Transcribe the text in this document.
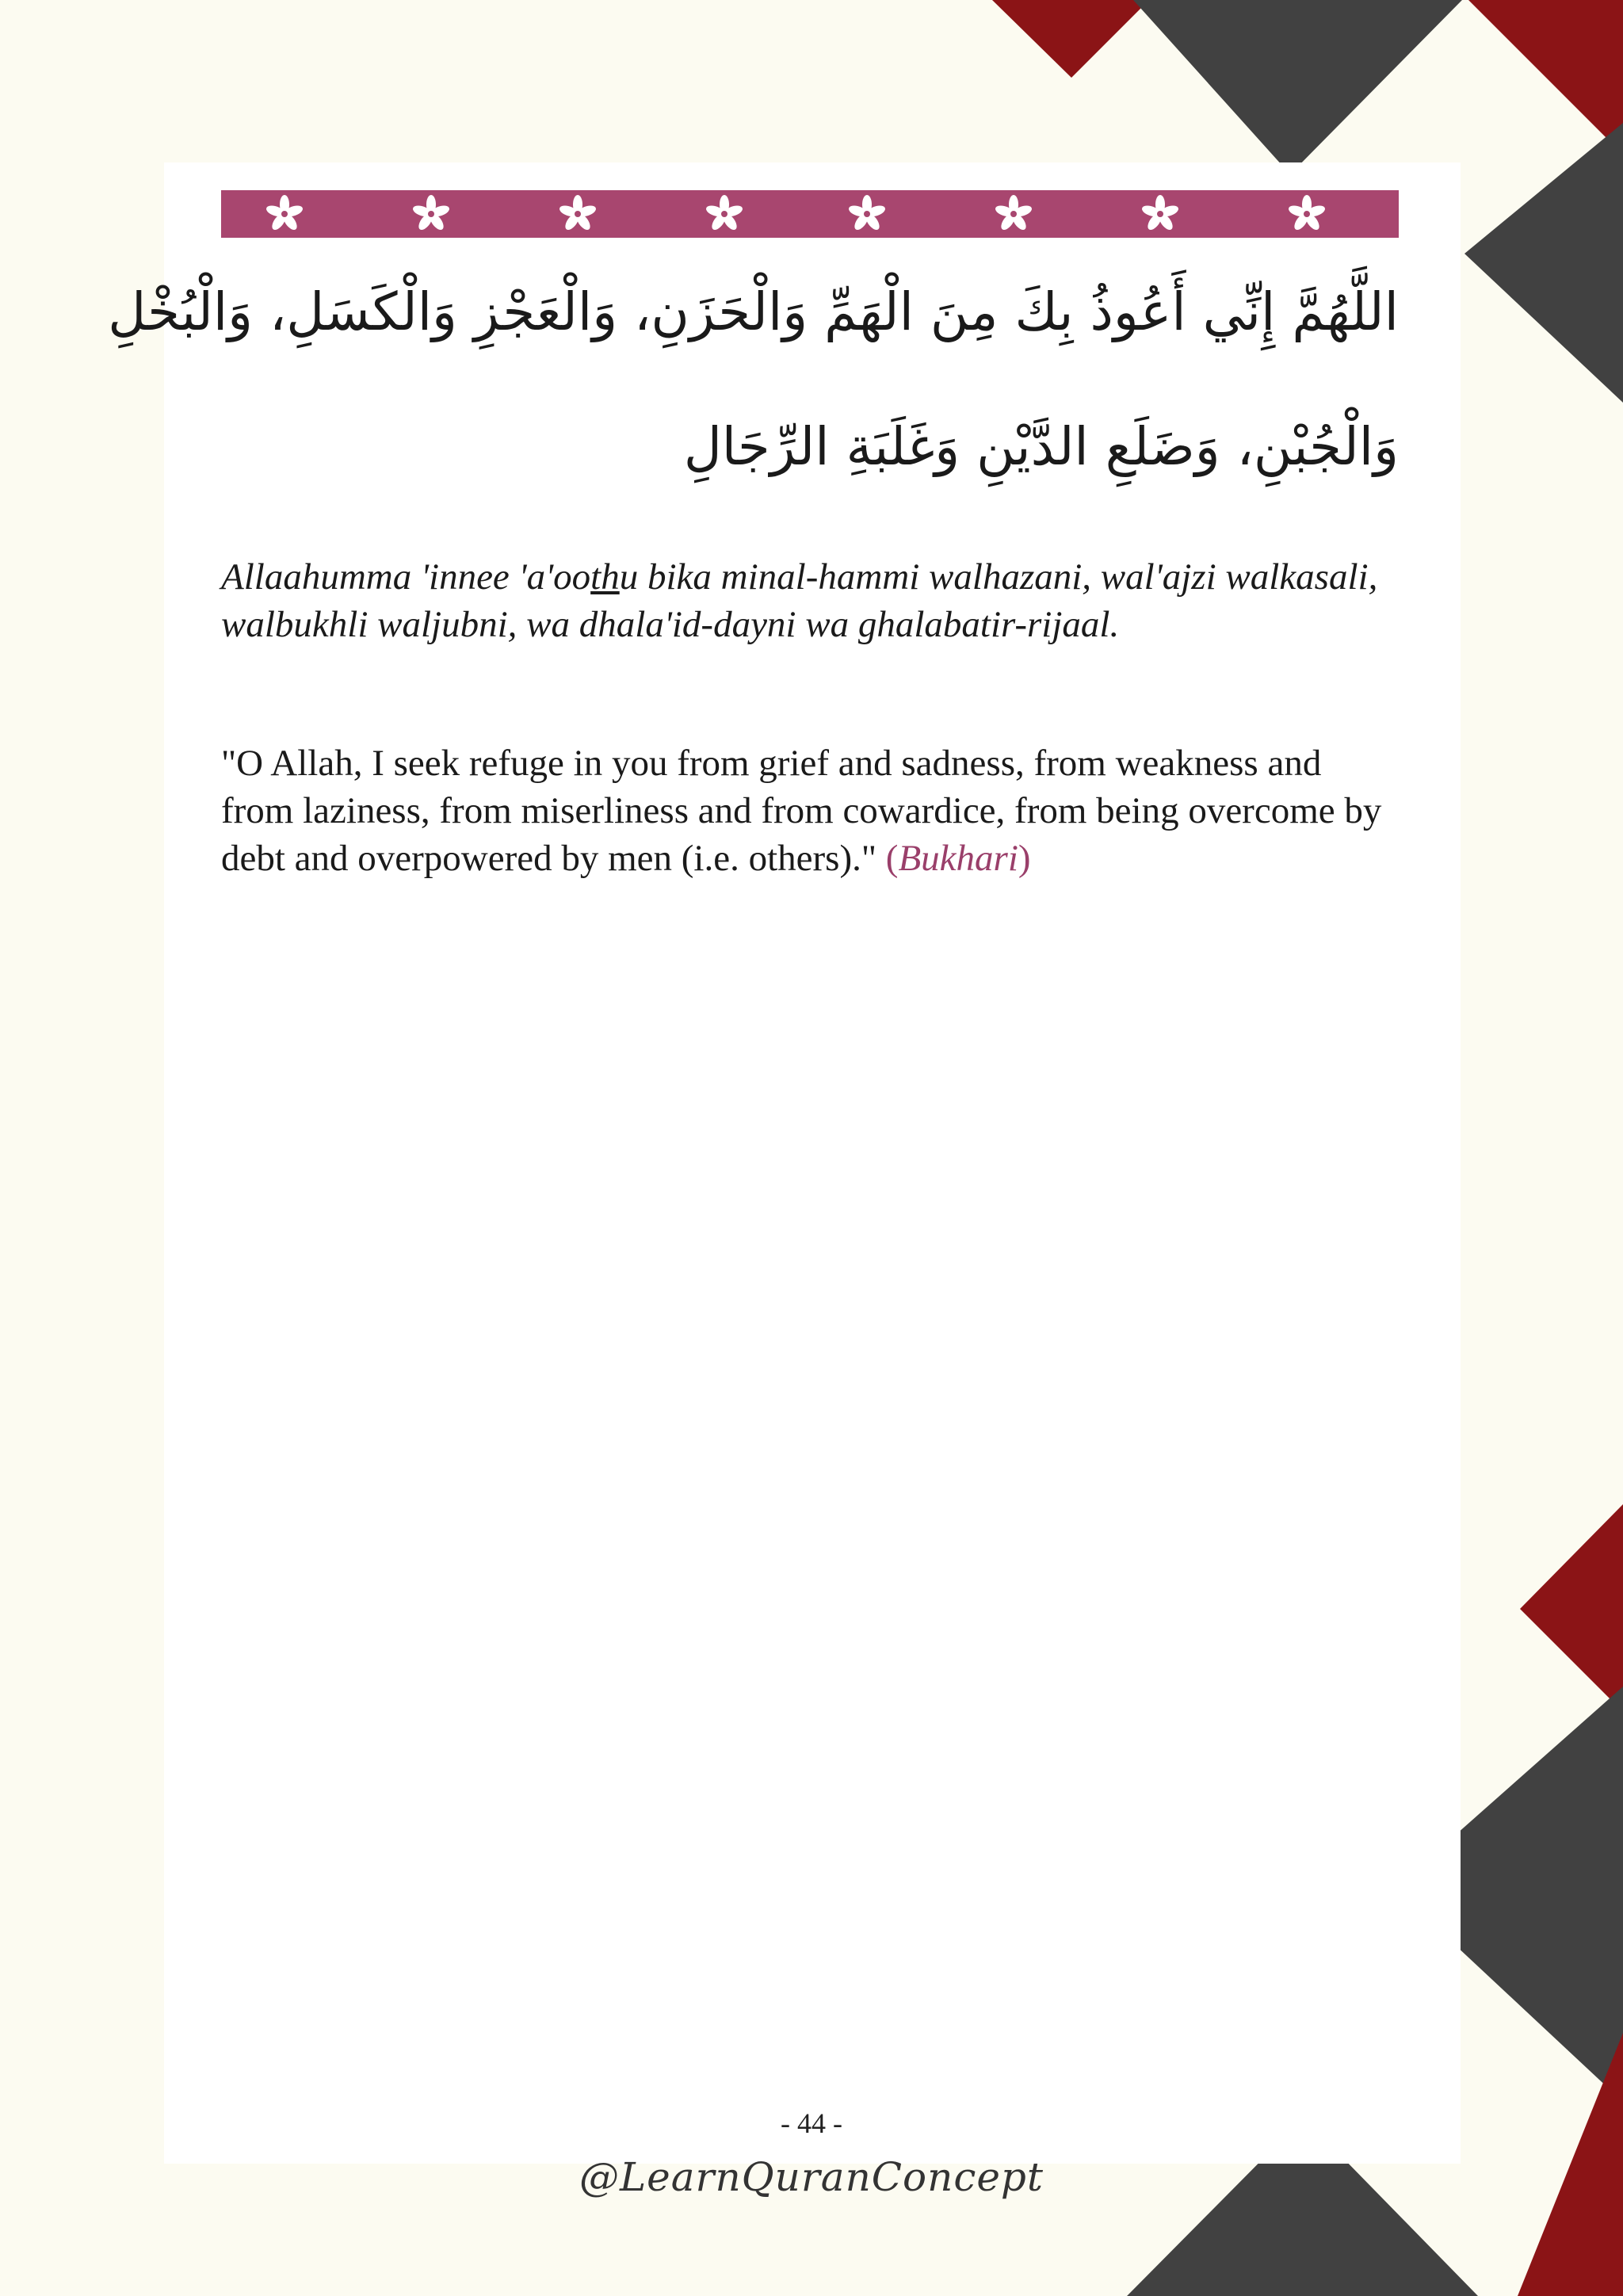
اللَّهُمَّ إِنِّي أَعُوذُ بِكَ مِنَ الْهَمِّ وَالْحَزَنِ، وَالْعَجْزِ وَالْكَسَلِ، وَالْبُخْلِ
وَالْجُبْنِ، وَضَلَعِ الدَّيْنِ وَغَلَبَةِ الرِّجَالِ
Allaahumma 'innee 'a'oothu bika minal-hammi walhazani, wal'ajzi walkasali, walbukhli waljubni, wa dhala'id-dayni wa ghalabatir-rijaal.
"O Allah, I seek refuge in you from grief and sadness, from weakness and from laziness, from miserliness and from cowardice, from being overcome by debt and overpowered by men (i.e. others)." (Bukhari)
- 44 -
@LearnQuranConcept
